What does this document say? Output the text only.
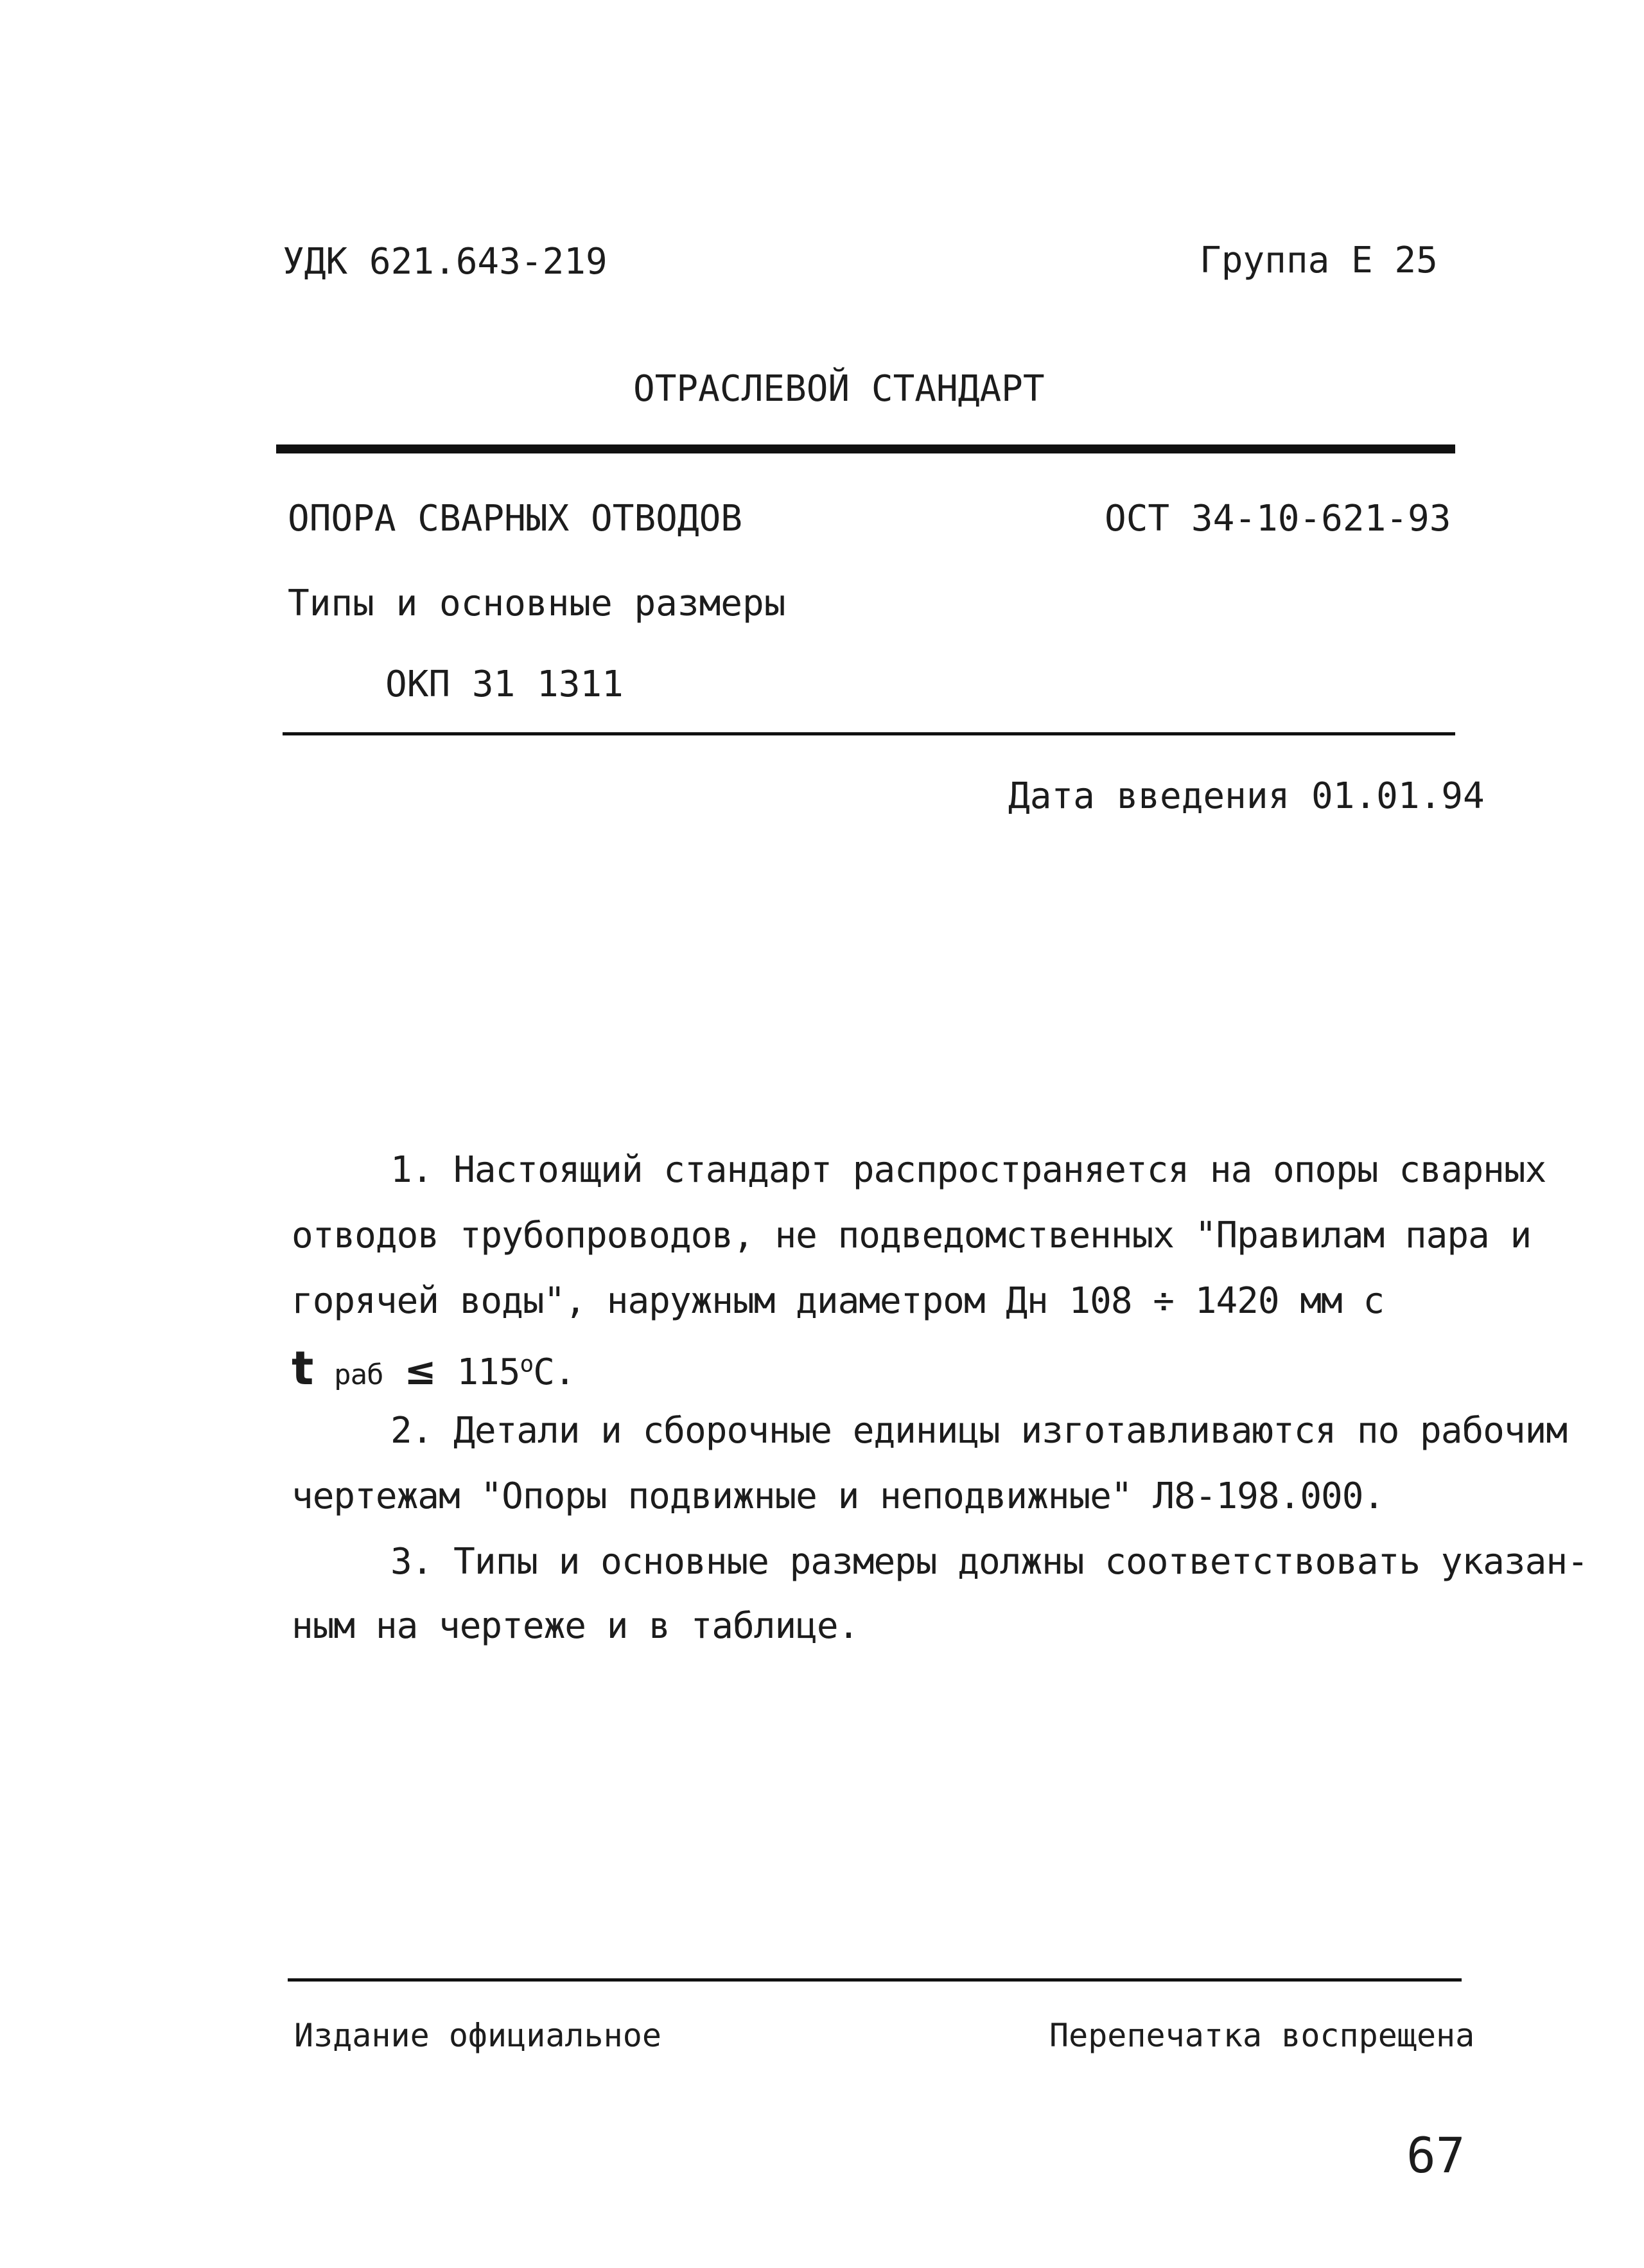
УДК 621.643-219	Группа Е 25
ОТРАСЛЕВОЙ СТАНДАРТ
ОПОРА СВАРНЫХ ОТВОДОВ	ОСТ 34-10-621-93
Типы и основные размеры
ОКП 31 1311
Дата введения 01.01.94
1. Настоящий стандарт распространяется на опоры сварных
отводов трубопроводов, не подведомственных "Правилам пара и
горячей воды", наружным диаметром Дн 108 ÷ 1420 мм с
t раб ≤ $115^оС$.
2. Детали и сборочные единицы изготавливаются по рабочим
чертежам "Опоры подвижные и неподвижные" Л8-198.000.
3. Типы и основные размеры должны соответствовать указан-
ным на чертеже и в таблице.
Издание официальное	Перепечатка воспрещена
67
